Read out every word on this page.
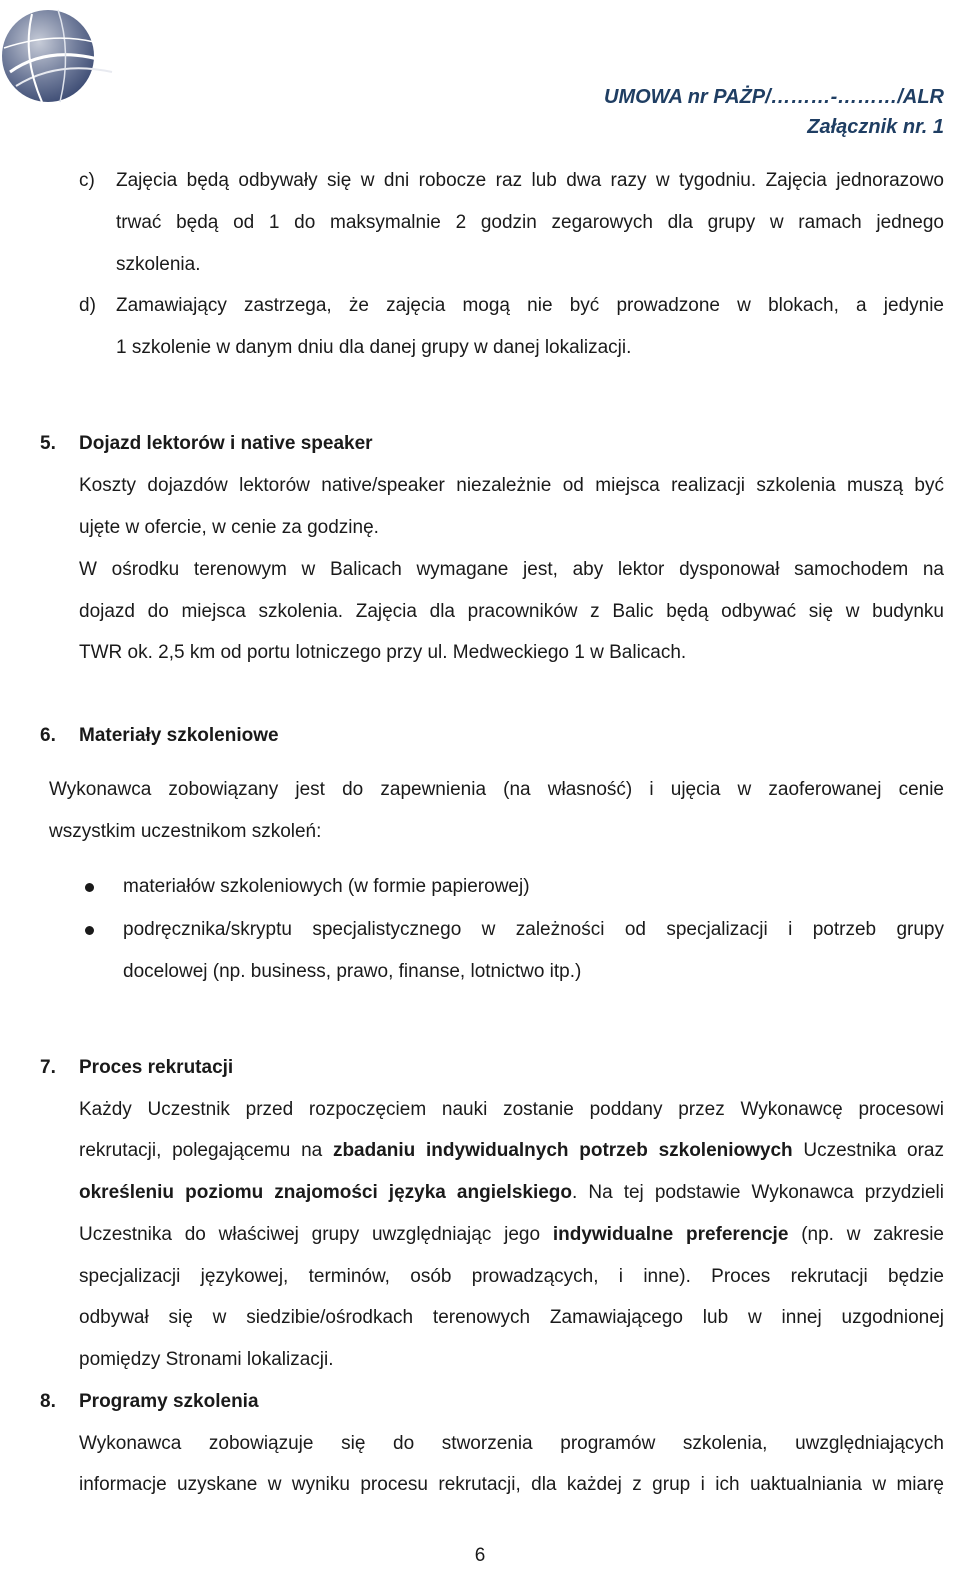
UMOWA nr PAŻP/………-………/ALR
Załącznik nr. 1
c) Zajęcia będą odbywały się w dni robocze raz lub dwa razy w tygodniu. Zajęcia jednorazowo
trwać będą od 1 do maksymalnie 2 godzin zegarowych dla grupy w ramach jednego
szkolenia.
d) Zamawiający zastrzega, że zajęcia mogą nie być prowadzone w blokach, a jedynie
1 szkolenie w danym dniu dla danej grupy w danej lokalizacji.
5. Dojazd lektorów i native speaker
Koszty dojazdów lektorów native/speaker niezależnie od miejsca realizacji szkolenia muszą być
ujęte w ofercie, w cenie za godzinę.
W ośrodku terenowym w Balicach wymagane jest, aby lektor dysponował samochodem na
dojazd do miejsca szkolenia. Zajęcia dla pracowników z Balic będą odbywać się w budynku
TWR ok. 2,5 km od portu lotniczego przy ul. Medweckiego 1 w Balicach.
6. Materiały szkoleniowe
Wykonawca zobowiązany jest do zapewnienia (na własność) i ujęcia w zaoferowanej cenie
wszystkim uczestnikom szkoleń:
materiałów szkoleniowych (w formie papierowej)
podręcznika/skryptu specjalistycznego w zależności od specjalizacji i potrzeb grupy
docelowej (np. business, prawo, finanse, lotnictwo itp.)
7. Proces rekrutacji
Każdy Uczestnik przed rozpoczęciem nauki zostanie poddany przez Wykonawcę procesowi
rekrutacji, polegającemu na zbadaniu indywidualnych potrzeb szkoleniowych Uczestnika oraz
określeniu poziomu znajomości języka angielskiego. Na tej podstawie Wykonawca przydzieli
Uczestnika do właściwej grupy uwzględniając jego indywidualne preferencje (np. w zakresie
specjalizacji językowej, terminów, osób prowadzących, i inne). Proces rekrutacji będzie
odbywał się w siedzibie/ośrodkach terenowych Zamawiającego lub w innej uzgodnionej
pomiędzy Stronami lokalizacji.
8. Programy szkolenia
Wykonawca zobowiązuje się do stworzenia programów szkolenia, uwzględniających
informacje uzyskane w wyniku procesu rekrutacji, dla każdej z grup i ich uaktualniania w miarę
6
